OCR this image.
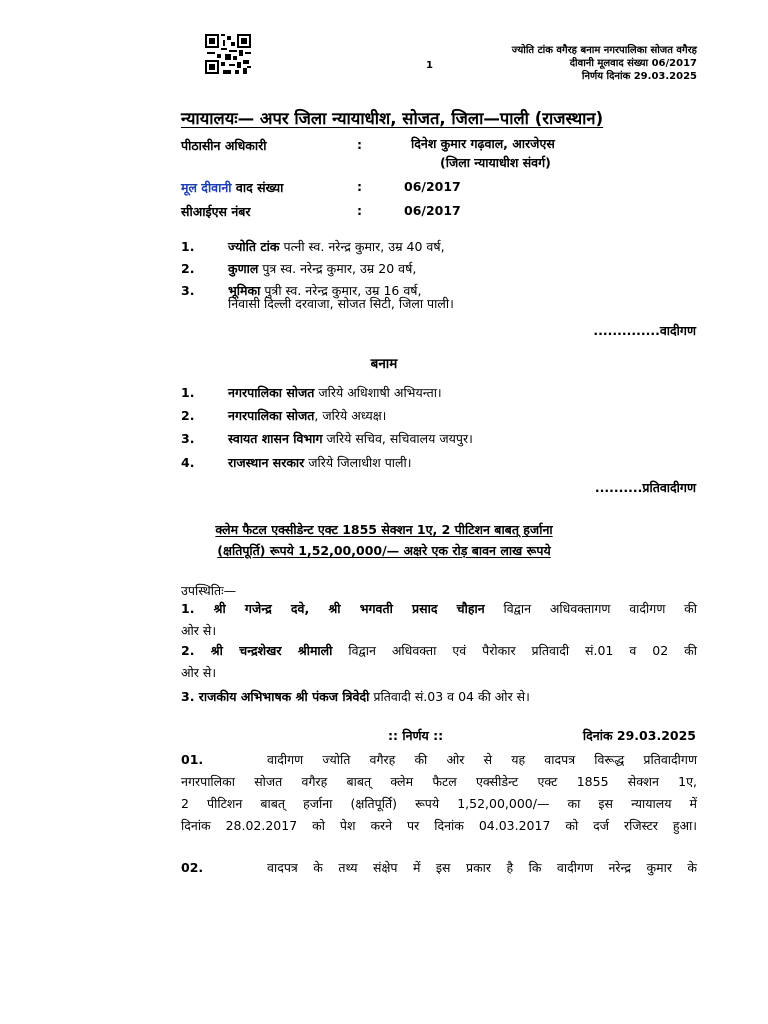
ज्योति टांक वगैरह बनाम नगरपालिका सोजत वगैरह
दीवानी मूलवाद संख्या 06/2017
निर्णय दिनांक 29.03.2025
1
न्यायालयः— अपर जिला न्यायाधीश, सोजत, जिला—पाली (राजस्थान)
पीठासीन अधिकारी	:	दिनेश कुमार गढ़वाल, आरजेएस
(जिला न्यायाधीश संवर्ग)
मूल दीवानी वाद संख्या	:	06/2017
सीआईएस नंबर	:	06/2017
1.	ज्योति टांक पत्नी स्व. नरेन्द्र कुमार, उम्र 40 वर्ष,
2.	कुणाल पुत्र स्व. नरेन्द्र कुमार, उम्र 20 वर्ष,
3.	भूमिका पुत्री स्व. नरेन्द्र कुमार, उम्र 16 वर्ष,
निवासी दिल्ली दरवाजा, सोजत सिटी, जिला पाली।
..............वादीगण
बनाम
1.	नगरपालिका सोजत जरिये अधिशाषी अभियन्ता।
2.	नगरपालिका सोजत, जरिये अध्यक्ष।
3.	स्वायत शासन विभाग जरिये सचिव, सचिवालय जयपुर।
4.	राजस्थान सरकार जरिये जिलाधीश पाली।
..........प्रतिवादीगण
क्लेम फैटल एक्सीडेन्ट एक्ट 1855 सेक्शन 1ए, 2 पीटिशन बाबत् हर्जाना
(क्षतिपूर्ति) रूपये 1,52,00,000/— अक्षरे एक रोड़ बावन लाख रूपये
उपस्थितिः—
1. श्री गजेन्द्र दवे, श्री भगवती प्रसाद चौहान विद्वान अधिवक्तागण वादीगण की
ओर से।
2. श्री चन्द्रशेखर श्रीमाली विद्वान अधिवक्ता एवं पैरोकार प्रतिवादी सं.01 व 02 की
ओर से।
3. राजकीय अभिभाषक श्री पंकज त्रिवेदी प्रतिवादी सं.03 व 04 की ओर से।
:: निर्णय ::	दिनांक 29.03.2025
01.	वादीगण ज्योति वगैरह की ओर से यह वादपत्र विरूद्ध प्रतिवादीगण
नगरपालिका सोजत वगैरह बाबत् क्लेम फैटल एक्सीडेन्ट एक्ट 1855 सेक्शन 1ए,
2 पीटिशन बाबत् हर्जाना (क्षतिपूर्ति) रूपये 1,52,00,000/— का इस न्यायालय में
दिनांक 28.02.2017 को पेश करने पर दिनांक 04.03.2017 को दर्ज रजिस्टर हुआ।
02.	वादपत्र के तथ्य संक्षेप में इस प्रकार है कि वादीगण नरेन्द्र कुमार के
